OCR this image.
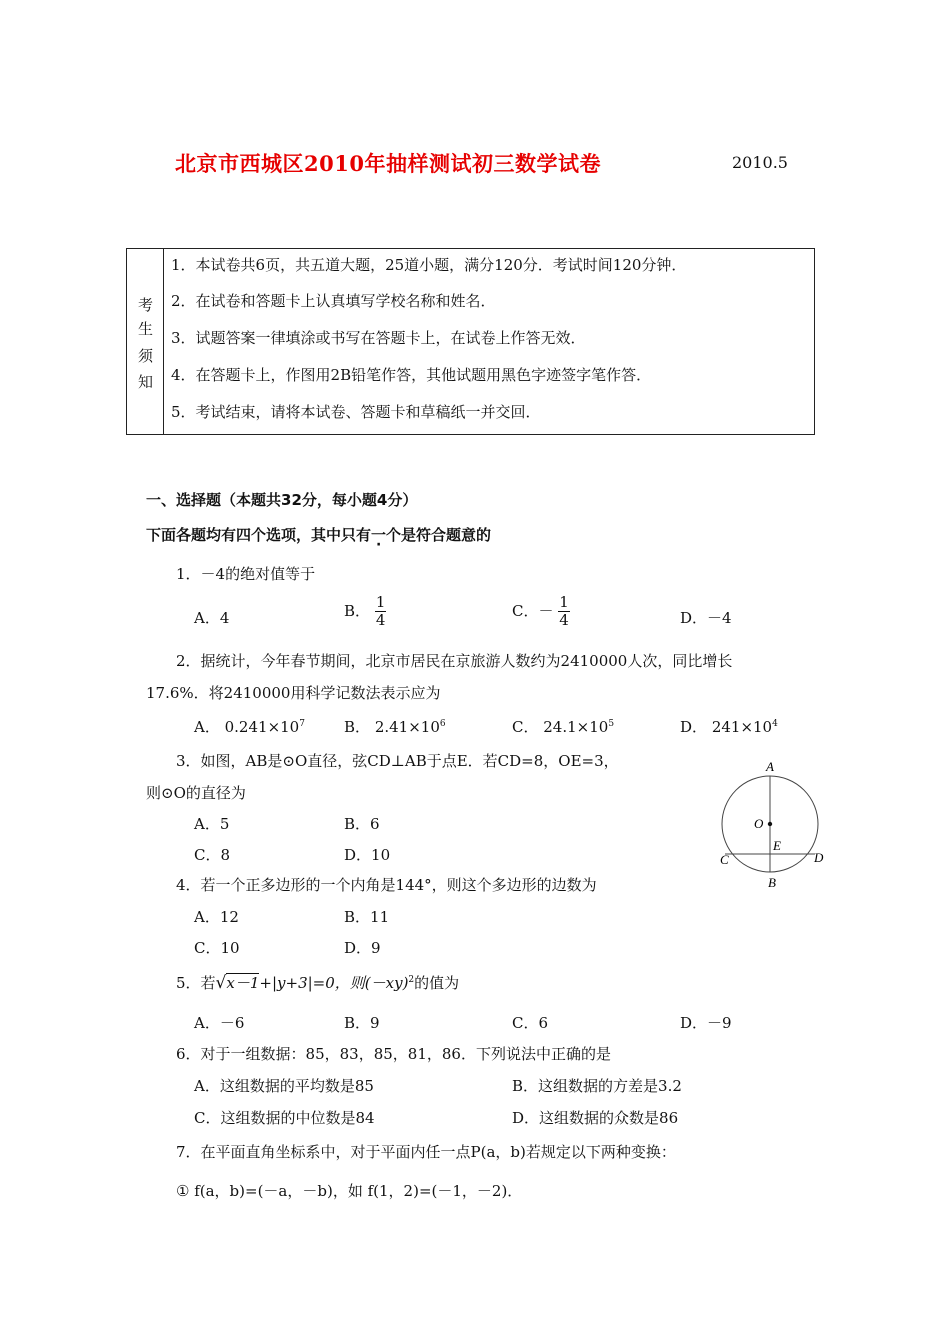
北京市西城区2010年抽样测试初三数学试卷	2010.5
考
生
须
知
1．本试卷共6页，共五道大题，25道小题，满分120分．考试时间120分钟．
2．在试卷和答题卡上认真填写学校名称和姓名．
3．试题答案一律填涂或书写在答题卡上，在试卷上作答无效．
4．在答题卡上，作图用2B铅笔作答，其他试题用黑色字迹签字笔作答．
5．考试结束，请将本试卷、答题卡和草稿纸一并交回．
一、选择题（本题共32分，每小题4分）
下面各题均有四个选项，其中只有一个是符合题意的
1．－4的绝对值等于
A．4	B． $\frac{1}{4}$	C．－ $\frac{1}{4}$	D．－4
2．据统计，今年春节期间，北京市居民在京旅游人数约为2410000人次，同比增长
17.6%．将2410000用科学记数法表示应为
A． $0.241\times 10^7$	B． $2.41\times 10^6$	C． $24.1\times 10^5$	D． $241\times 10^4$
3．如图，AB是⊙O直径，弦CD⊥AB于点E．若CD=8，OE=3，
则⊙O的直径为
A．5	B．6
C．8	D．10
A
O
E
C	D
B
4．若一个正多边形的一个内角是144°，则这个多边形的边数为
A．12	B．11
C．10	D．9
5．若√x－1+|y+3|=0，则$(-xy)^2$的值为
A．－6	B．9	C．6	D．－9
6．对于一组数据：85，83，85，81，86．下列说法中正确的是
A．这组数据的平均数是85	B．这组数据的方差是3.2
C．这组数据的中位数是84	D．这组数据的众数是86
7．在平面直角坐标系中，对于平面内任一点P(a，b)若规定以下两种变换：
① f(a，b)=(－a，－b)，如 f(1，2)=(－1，－2)．
